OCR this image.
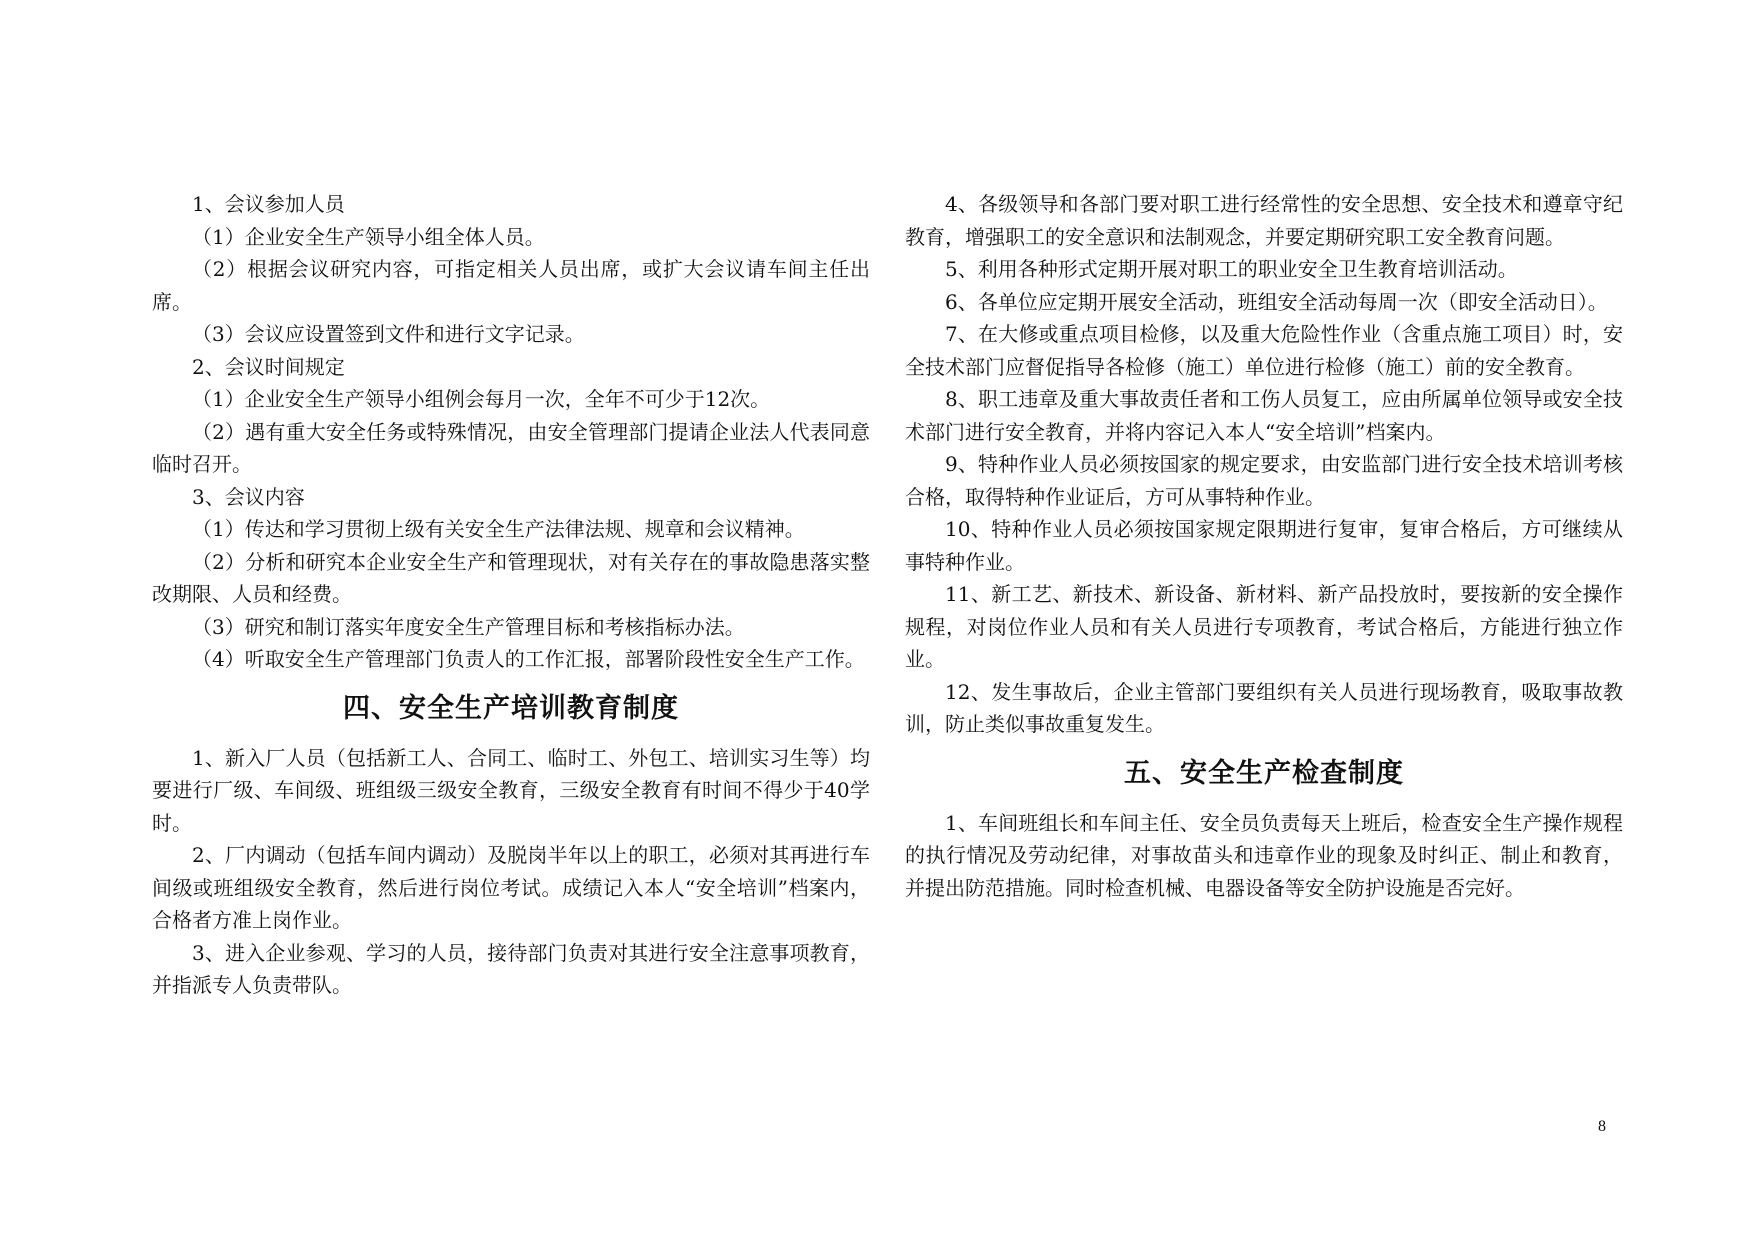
1、会议参加人员

（1）企业安全生产领导小组全体人员。

（2）根据会议研究内容，可指定相关人员出席，或扩大会议请车间主任出席。

（3）会议应设置签到文件和进行文字记录。

2、会议时间规定

（1）企业安全生产领导小组例会每月一次，全年不可少于12次。

（2）遇有重大安全任务或特殊情况，由安全管理部门提请企业法人代表同意临时召开。

3、会议内容

（1）传达和学习贯彻上级有关安全生产法律法规、规章和会议精神。

（2）分析和研究本企业安全生产和管理现状，对有关存在的事故隐患落实整改期限、人员和经费。

（3）研究和制订落实年度安全生产管理目标和考核指标办法。

（4）听取安全生产管理部门负责人的工作汇报，部署阶段性安全生产工作。

四、安全生产培训教育制度

1、新入厂人员（包括新工人、合同工、临时工、外包工、培训实习生等）均要进行厂级、车间级、班组级三级安全教育，三级安全教育有时间不得少于40学时。

2、厂内调动（包括车间内调动）及脱岗半年以上的职工，必须对其再进行车间级或班组级安全教育，然后进行岗位考试。成绩记入本人“安全培训”档案内，合格者方准上岗作业。

3、进入企业参观、学习的人员，接待部门负责对其进行安全注意事项教育，并指派专人负责带队。

4、各级领导和各部门要对职工进行经常性的安全思想、安全技术和遵章守纪教育，增强职工的安全意识和法制观念，并要定期研究职工安全教育问题。

5、利用各种形式定期开展对职工的职业安全卫生教育培训活动。

6、各单位应定期开展安全活动，班组安全活动每周一次（即安全活动日）。

7、在大修或重点项目检修，以及重大危险性作业（含重点施工项目）时，安全技术部门应督促指导各检修（施工）单位进行检修（施工）前的安全教育。

8、职工违章及重大事故责任者和工伤人员复工，应由所属单位领导或安全技术部门进行安全教育，并将内容记入本人“安全培训”档案内。

9、特种作业人员必须按国家的规定要求，由安监部门进行安全技术培训考核合格，取得特种作业证后，方可从事特种作业。

10、特种作业人员必须按国家规定限期进行复审，复审合格后，方可继续从事特种作业。

11、新工艺、新技术、新设备、新材料、新产品投放时，要按新的安全操作规程，对岗位作业人员和有关人员进行专项教育，考试合格后，方能进行独立作业。

12、发生事故后，企业主管部门要组织有关人员进行现场教育，吸取事故教训，防止类似事故重复发生。

五、安全生产检查制度

1、车间班组长和车间主任、安全员负责每天上班后，检查安全生产操作规程的执行情况及劳动纪律，对事故苗头和违章作业的现象及时纠正、制止和教育，并提出防范措施。同时检查机械、电器设备等安全防护设施是否完好。

8
